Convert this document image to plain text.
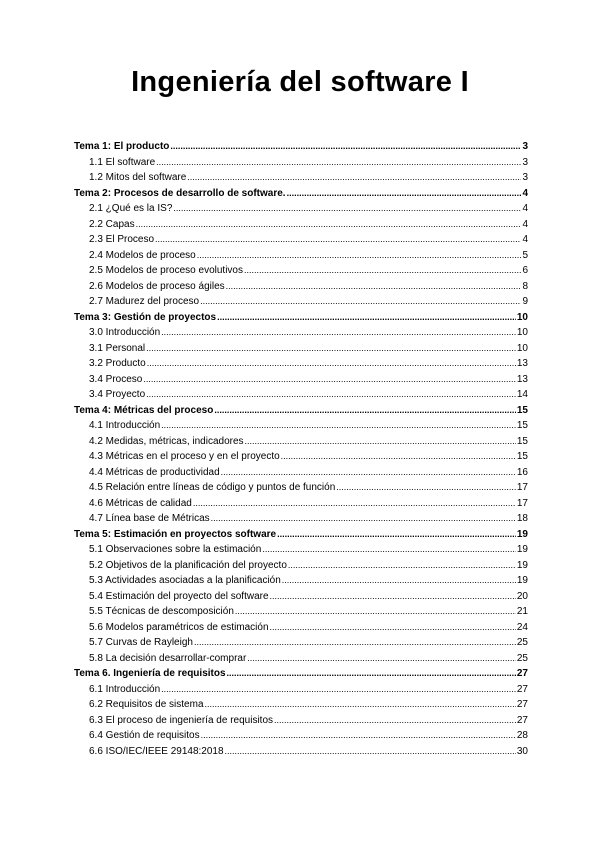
Ingeniería del software I
Tema 1: El producto .....	3
1.1 El software .....	3
1.2 Mitos del software .....	3
Tema 2: Procesos de desarrollo de software. .....	4
2.1 ¿Qué es la IS? .....	4
2.2 Capas .....	4
2.3 El Proceso .....	4
2.4 Modelos de proceso .....	5
2.5 Modelos de proceso evolutivos .....	6
2.6 Modelos de proceso ágiles .....	8
2.7 Madurez del proceso .....	9
Tema 3: Gestión de proyectos .....	10
3.0 Introducción .....	10
3.1 Personal .....	10
3.2 Producto .....	13
3.4 Proceso .....	13
3.4 Proyecto .....	14
Tema 4: Métricas del proceso .....	15
4.1 Introducción .....	15
4.2 Medidas, métricas, indicadores .....	15
4.3 Métricas en el proceso y en el proyecto .....	15
4.4 Métricas de productividad .....	16
4.5 Relación entre líneas de código y puntos de función .....	17
4.6 Métricas de calidad .....	17
4.7 Línea base de Métricas .....	18
Tema 5: Estimación en proyectos software .....	19
5.1 Observaciones sobre la estimación .....	19
5.2 Objetivos de la planificación del proyecto .....	19
5.3 Actividades asociadas a la planificación .....	19
5.4 Estimación del proyecto del software .....	20
5.5 Técnicas de descomposición .....	21
5.6 Modelos paramétricos de estimación .....	24
5.7 Curvas de Rayleigh .....	25
5.8 La decisión desarrollar-comprar .....	25
Tema 6. Ingeniería de requisitos .....	27
6.1 Introducción .....	27
6.2 Requisitos de sistema .....	27
6.3 El proceso de ingeniería de requisitos .....	27
6.4 Gestión de requisitos .....	28
6.6 ISO/IEC/IEEE 29148:2018 .....	30
